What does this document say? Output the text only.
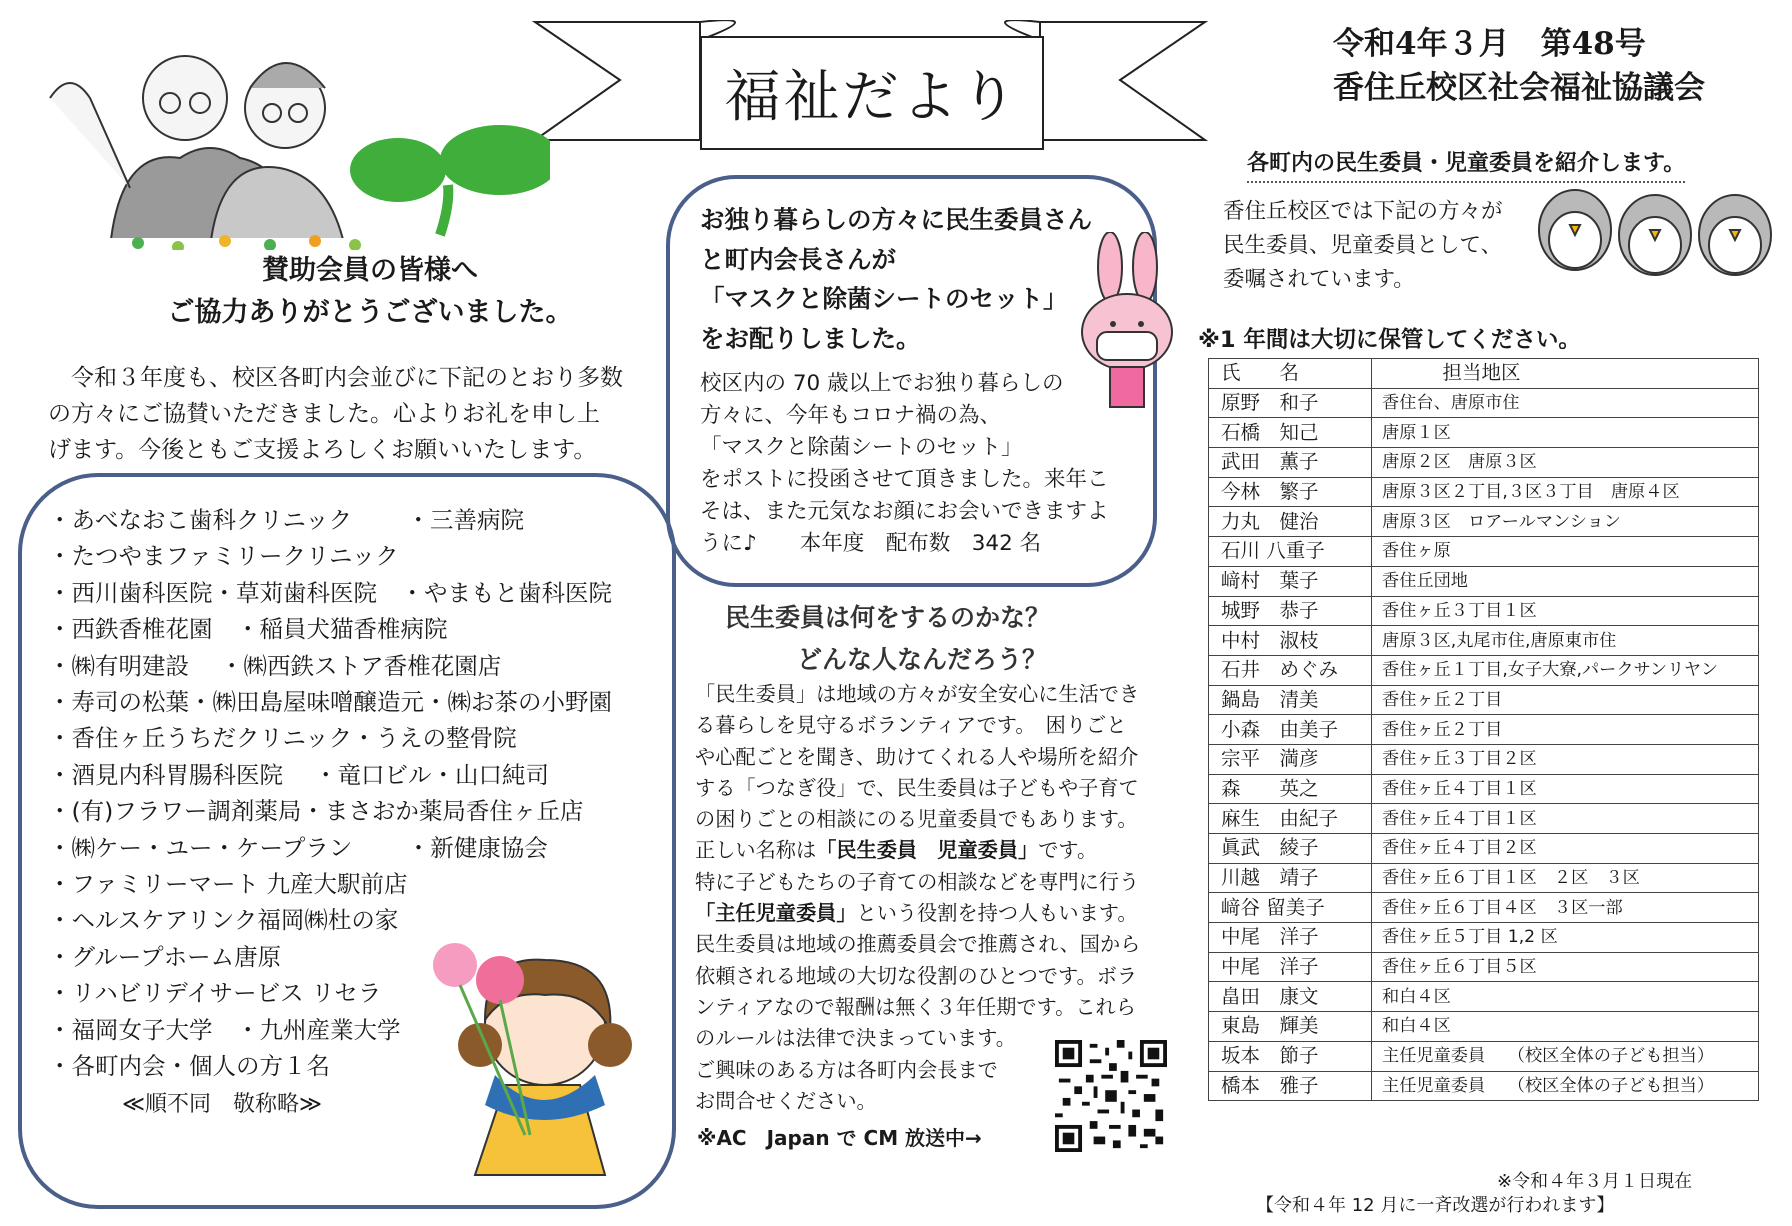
福祉だより
令和4年３月　第48号
香住丘校区社会福祉協議会
賛助会員の皆様へ
ご協力ありがとうございました。
　令和３年度も、校区各町内会並びに下記のとおり多数
の方々にご協賛いただきました。心よりお礼を申し上
げます。今後ともご支援よろしくお願いいたします。
・あべなおこ歯科クリニック　　 ・三善病院
・たつやまファミリークリニック
・西川歯科医院・草苅歯科医院　・やまもと歯科医院
・西鉄香椎花園　・稲員犬猫香椎病院
・㈱有明建設　 ・㈱西鉄ストア香椎花園店
・寿司の松葉・㈱田島屋味噌醸造元・㈱お茶の小野園
・香住ヶ丘うちだクリニック・うえの整骨院
・酒見内科胃腸科医院　 ・竜口ビル・山口純司
・(有)フラワー調剤薬局・まさおか薬局香住ヶ丘店
・㈱ケー・ユー・ケープラン　　 ・新健康協会
・ファミリーマート 九産大駅前店
・ヘルスケアリンク福岡㈱杜の家
・グループホーム唐原
・リハビリデイサービス リセラ
・福岡女子大学　・九州産業大学
・各町内会・個人の方１名
≪順不同　敬称略≫
お独り暮らしの方々に民生委員さん
と町内会長さんが
「マスクと除菌シートのセット」
をお配りしました。
校区内の 70 歳以上でお独り暮らしの
方々に、今年もコロナ禍の為、
「マスクと除菌シートのセット」
をポストに投函させて頂きました。来年こ
そは、また元気なお顔にお会いできますよ
うに♪　　本年度　配布数　342 名
民生委員は何をするのかな？
どんな人なんだろう？
「民生委員」は地域の方々が安全安心に生活でき
る暮らしを見守るボランティアです。　困りごと
や心配ごとを聞き、助けてくれる人や場所を紹介
する「つなぎ役」で、民生委員は子どもや子育て
の困りごとの相談にのる児童委員でもあります。
正しい名称は「民生委員　児童委員」です。
特に子どもたちの子育ての相談などを専門に行う
「主任児童委員」という役割を持つ人もいます。
民生委員は地域の推薦委員会で推薦され、国から
依頼される地域の大切な役割のひとつです。ボラ
ンティアなので報酬は無く３年任期です。これら
のルールは法律で決まっています。
ご興味のある方は各町内会長まで
お問合せください。
※AC　Japan で CM 放送中→
各町内の民生委員・児童委員を紹介します。
香住丘校区では下記の方々が
民生委員、児童委員として、
委嘱されています。
※1 年間は大切に保管してください。
氏　　名	　　　担当地区
原野　和子	香住台、唐原市住
石橋　知己	唐原１区
武田　薫子	唐原２区　唐原３区
今林　繁子	唐原３区２丁目,３区３丁目　唐原４区
力丸　健治	唐原３区　ロアールマンション
石川 八重子	香住ヶ原
﨑村　葉子	香住丘団地
城野　恭子	香住ヶ丘３丁目１区
中村　淑枝	唐原３区,丸尾市住,唐原東市住
石井　めぐみ	香住ヶ丘１丁目,女子大寮,パークサンリヤン
鍋島　清美	香住ヶ丘２丁目
小森　由美子	香住ヶ丘２丁目
宗平　満彦	香住ヶ丘３丁目２区
森　　英之	香住ヶ丘４丁目１区
麻生　由紀子	香住ヶ丘４丁目１区
眞武　綾子	香住ヶ丘４丁目２区
川越　靖子	香住ヶ丘６丁目１区　２区　３区
﨑谷 留美子	香住ヶ丘６丁目４区　３区一部
中尾　洋子	香住ヶ丘５丁目 1,2 区
中尾　洋子	香住ヶ丘６丁目５区
畠田　康文	和白４区
東島　輝美	和白４区
坂本　節子	主任児童委員　 （校区全体の子ども担当）
橋本　雅子	主任児童委員　 （校区全体の子ども担当）
※令和４年３月１日現在
【令和４年 12 月に一斉改選が行われます】
